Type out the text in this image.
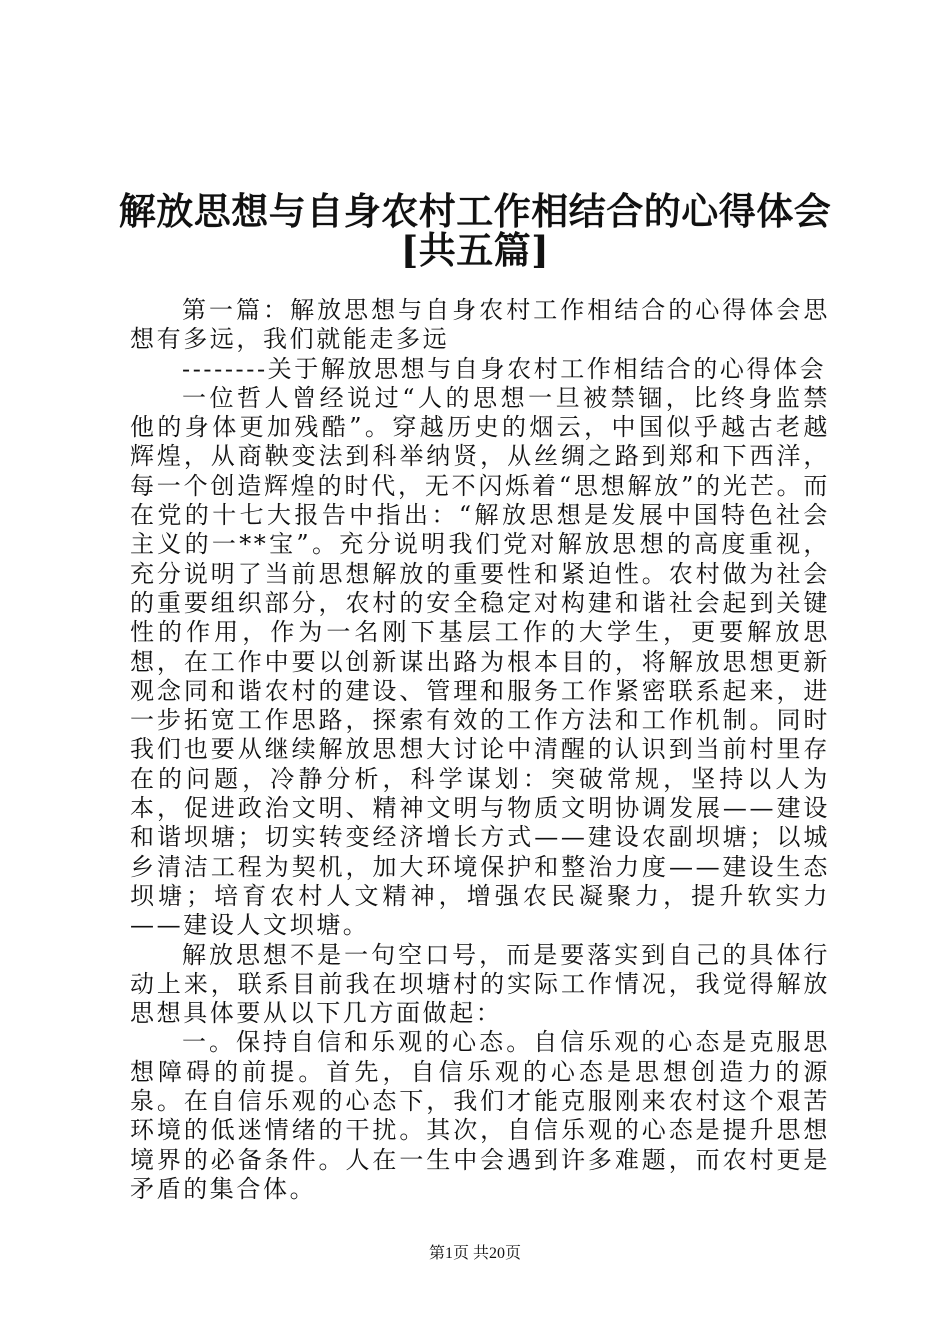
解放思想与自身农村工作相结合的心得体会
[共五篇]

第一篇：解放思想与自身农村工作相结合的心得体会思想有多远，我们就能走多远

--------关于解放思想与自身农村工作相结合的心得体会

一位哲人曾经说过“人的思想一旦被禁锢，比终身监禁他的身体更加残酷”。穿越历史的烟云，中国似乎越古老越辉煌，从商鞅变法到科举纳贤，从丝绸之路到郑和下西洋，每一个创造辉煌的时代，无不闪烁着“思想解放”的光芒。而在党的十七大报告中指出：“解放思想是发展中国特色社会主义的一**宝”。充分说明我们党对解放思想的高度重视，充分说明了当前思想解放的重要性和紧迫性。农村做为社会的重要组织部分，农村的安全稳定对构建和谐社会起到关键性的作用，作为一名刚下基层工作的大学生，更要解放思想，在工作中要以创新谋出路为根本目的，将解放思想更新观念同和谐农村的建设、管理和服务工作紧密联系起来，进一步拓宽工作思路，探索有效的工作方法和工作机制。同时我们也要从继续解放思想大讨论中清醒的认识到当前村里存在的问题，冷静分析，科学谋划：突破常规，坚持以人为本，促进政治文明、精神文明与物质文明协调发展——建设和谐坝塘；切实转变经济增长方式——建设农副坝塘；以城乡清洁工程为契机，加大环境保护和整治力度——建设生态坝塘；培育农村人文精神，增强农民凝聚力，提升软实力——建设人文坝塘。

解放思想不是一句空口号，而是要落实到自己的具体行动上来，联系目前我在坝塘村的实际工作情况，我觉得解放思想具体要从以下几方面做起：

一。保持自信和乐观的心态。自信乐观的心态是克服思想障碍的前提。首先，自信乐观的心态是思想创造力的源泉。在自信乐观的心态下，我们才能克服刚来农村这个艰苦环境的低迷情绪的干扰。其次，自信乐观的心态是提升思想境界的必备条件。人在一生中会遇到许多难题，而农村更是矛盾的集合体。

第1页 共20页
